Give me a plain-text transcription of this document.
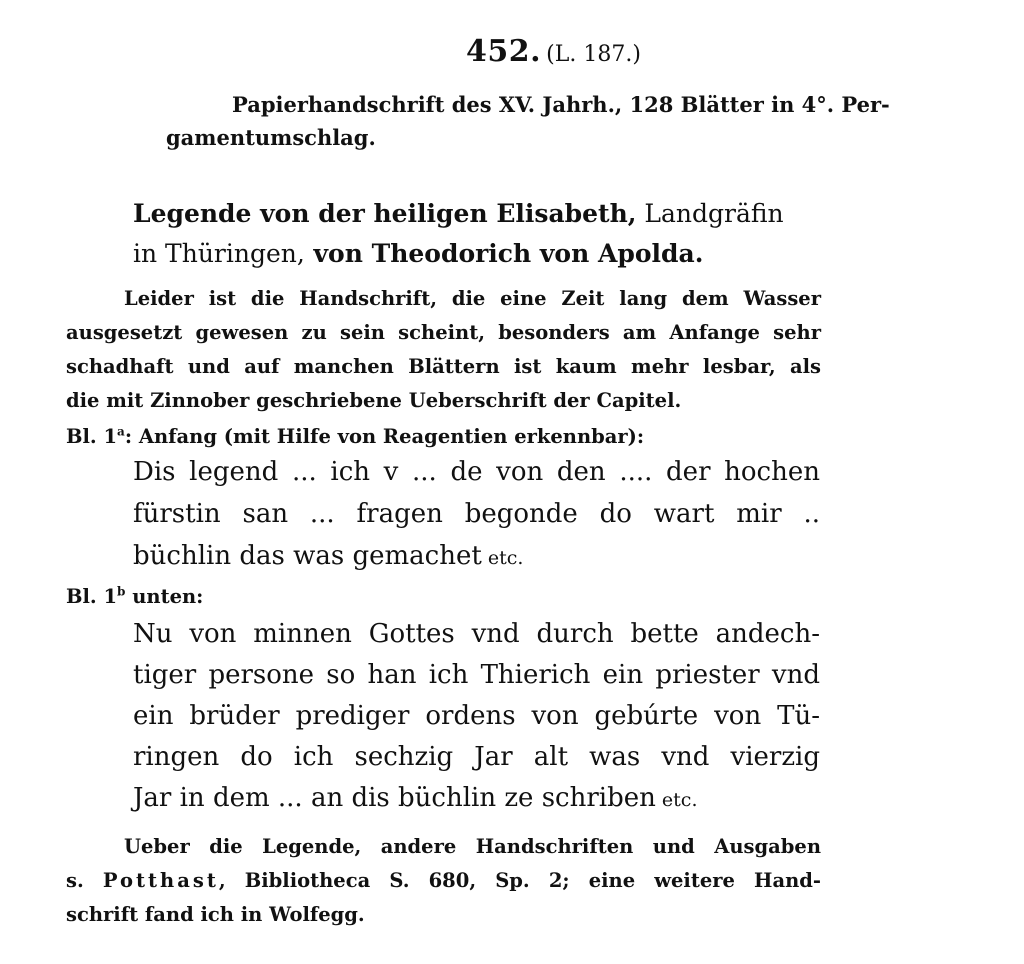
452. (L. 187.)
Papierhandschrift des XV. Jahrh., 128 Blätter in 4°. Per-
gamentumschlag.
Legende von der heiligen Elisabeth, Landgräfin
in Thüringen, von Theodorich von Apolda.
Leider ist die Handschrift, die eine Zeit lang dem Wasser
ausgesetzt gewesen zu sein scheint, besonders am Anfange sehr
schadhaft und auf manchen Blättern ist kaum mehr lesbar, als
die mit Zinnober geschriebene Ueberschrift der Capitel.
Bl. 1$^a$: Anfang (mit Hilfe von Reagentien erkennbar):
Dis legend ... ich v ... de von den .... der hochen
fürstin san ... fragen begonde do wart mir ..
büchlin das was gemachet etc.
Bl. 1$^b$ unten:
Nu von minnen Gottes vnd durch bette andech-
tiger persone so han ich Thierich ein priester vnd
ein brüder prediger ordens von gebúrte von Tü-
ringen do ich sechzig Jar alt was vnd vierzig
Jar in dem ... an dis büchlin ze schriben etc.
Ueber die Legende, andere Handschriften und Ausgaben
s. Potthast, Bibliotheca S. 680, Sp. 2; eine weitere Hand-
schrift fand ich in Wolfegg.
